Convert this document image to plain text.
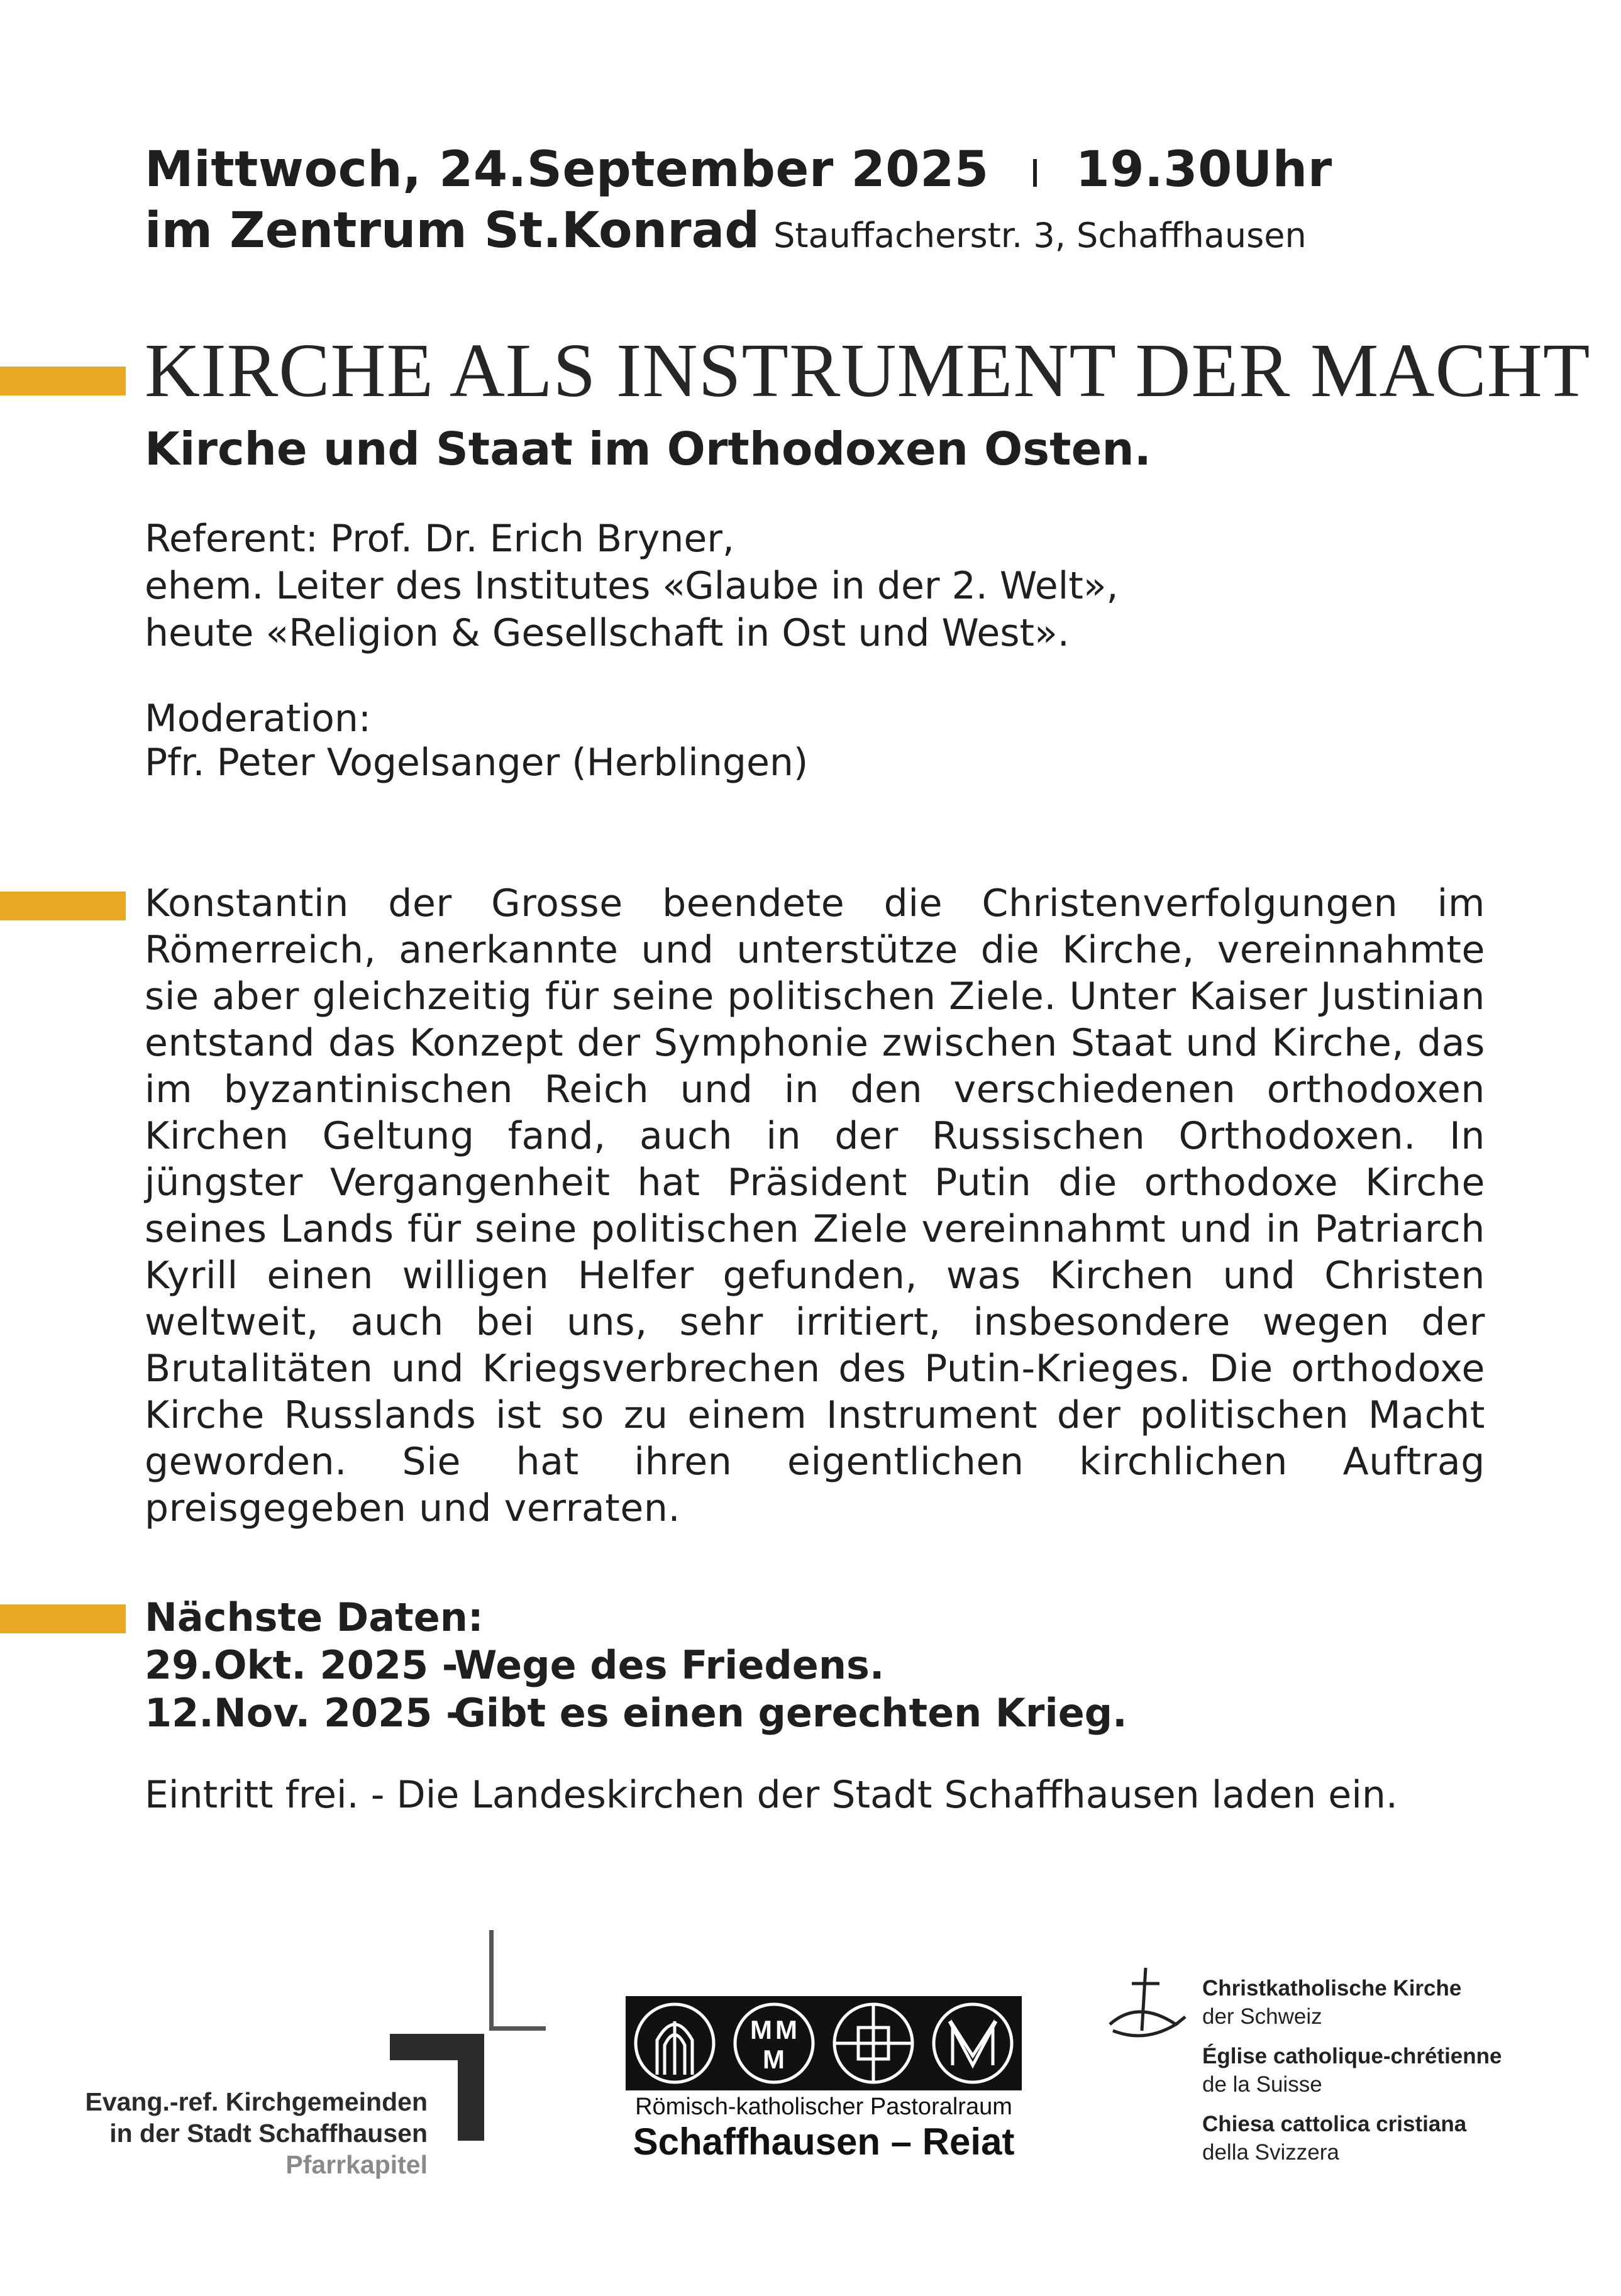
Mittwoch, 24.September 2025 19.30Uhr
im Zentrum St.Konrad Stauffacherstr. 3, Schaffhausen
KIRCHE ALS INSTRUMENT DER MACHT
Kirche und Staat im Orthodoxen Osten.
Referent: Prof. Dr. Erich Bryner,
ehem. Leiter des Institutes «Glaube in der 2. Welt»,
heute «Religion & Gesellschaft in Ost und West».
Moderation:
Pfr. Peter Vogelsanger (Herblingen)
Konstantin der Grosse beendete die Christenverfolgungen im Römerreich, anerkannte und unterstütze die Kirche, vereinnahmte sie aber gleichzeitig für seine politischen Ziele. Unter Kaiser Justinian entstand das Konzept der Symphonie zwischen Staat und Kirche, das im byzantinischen Reich und in den verschiedenen orthodoxen Kirchen Geltung fand, auch in der Russischen Orthodoxen. In jüngster Vergangenheit hat Präsident Putin die orthodoxe Kirche seines Lands für seine politischen Ziele vereinnahmt und in Patriarch Kyrill einen willigen Helfer gefunden, was Kirchen und Christen weltweit, auch bei uns, sehr irritiert, insbesondere wegen der Brutalitäten und Kriegsverbrechen des Putin-Krieges. Die orthodoxe Kirche Russlands ist so zu einem Instrument der politischen Macht geworden. Sie hat ihren eigentlichen kirchlichen Auftrag preisgegeben und verraten.
Nächste Daten:
29.Okt. 2025 -Wege des Friedens.
12.Nov. 2025 -Gibt es einen gerechten Krieg.
Eintritt frei. - Die Landeskirchen der Stadt Schaffhausen laden ein.
Evang.-ref. Kirchgemeinden
in der Stadt Schaffhausen
Pfarrkapitel
M M
M
Römisch-katholischer Pastoralraum
Schaffhausen – Reiat
Christkatholische Kirche
der Schweiz
Église catholique-chrétienne
de la Suisse
Chiesa cattolica cristiana
della Svizzera
